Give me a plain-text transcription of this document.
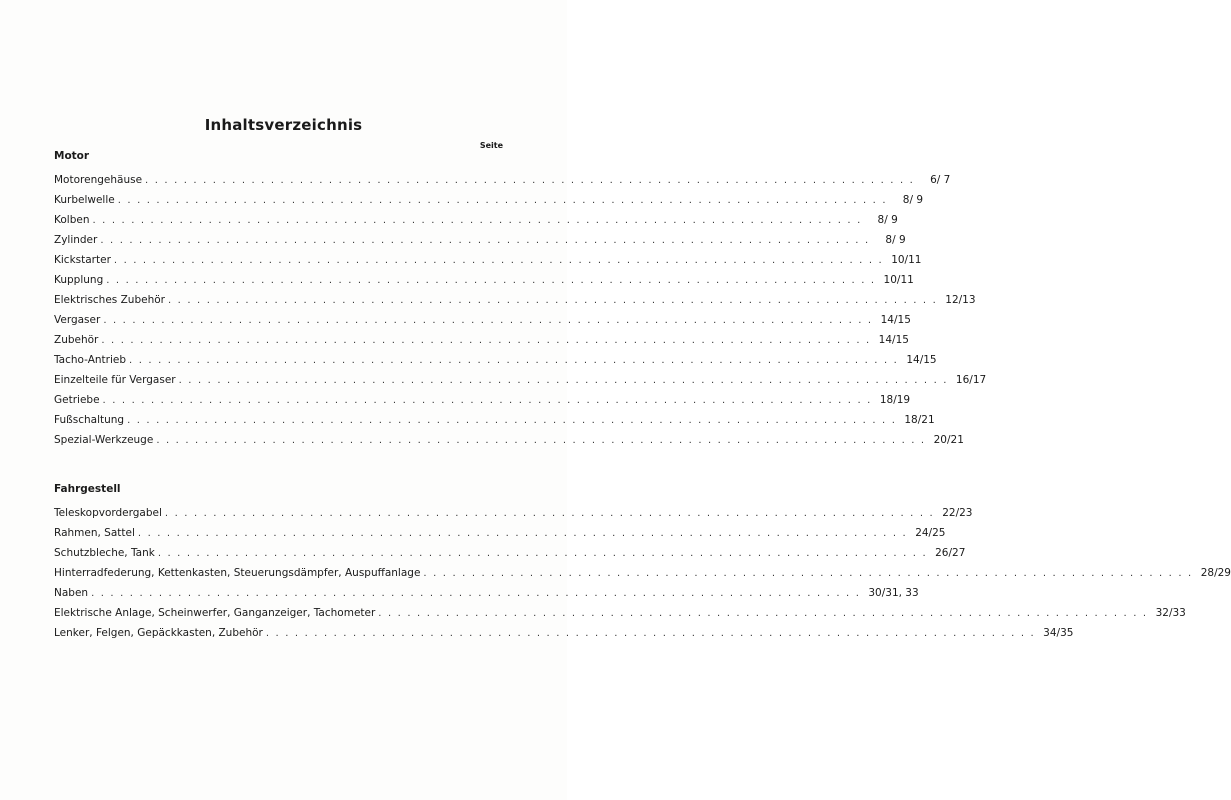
Inhaltsverzeichnis
Seite
Motor
Motorengehäuse ................................................................................	6/ 7
Kurbelwelle ................................................................................	8/ 9
Kolben ................................................................................	8/ 9
Zylinder ................................................................................	8/ 9
Kickstarter ................................................................................ 10/11
Kupplung ................................................................................ 10/11
Elektrisches Zubehör ................................................................................ 12/13
Vergaser ................................................................................ 14/15
Zubehör ................................................................................ 14/15
Tacho-Antrieb ................................................................................ 14/15
Einzelteile für Vergaser ................................................................................ 16/17
Getriebe ................................................................................ 18/19
Fußschaltung ................................................................................ 18/21
Spezial-Werkzeuge ................................................................................ 20/21
Fahrgestell
Teleskopvordergabel ................................................................................ 22/23
Rahmen, Sattel ................................................................................ 24/25
Schutzbleche, Tank ................................................................................ 26/27
Hinterradfederung, Kettenkasten, Steuerungsdämpfer, Auspuffanlage ................................................................................ 28/29
Naben ................................................................................ 30/31, 33
Elektrische Anlage, Scheinwerfer, Ganganzeiger, Tachometer ................................................................................ 32/33
Lenker, Felgen, Gepäckkasten, Zubehör ................................................................................ 34/35
